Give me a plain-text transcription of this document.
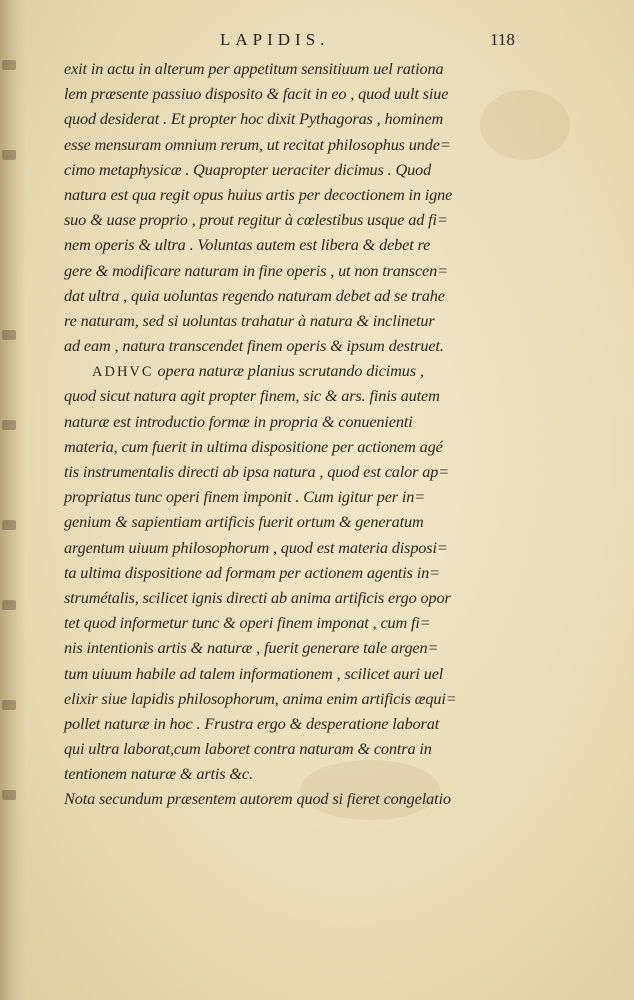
LAPIDIS.	118
exit in actu in alterum per appetitum sensitiuum uel rationa
lem præsente passiuo disposito & facit in eo , quod uult siue
quod desiderat . Et propter hoc dixit Pythagoras , hominem
esse mensuram omnium rerum, ut recitat philosophus unde=
cimo metaphysicæ . Quapropter ueraciter dicimus . Quod
natura est qua regit opus huius artis per decoctionem in igne
suo & uase proprio , prout regitur à cœlestibus usque ad fi=
nem operis & ultra . Voluntas autem est libera & debet re
gere & modificare naturam in fine operis , ut non transcen=
dat ultra , quia uoluntas regendo naturam debet ad se trahe
re naturam, sed si uoluntas trahatur à natura & inclinetur
ad eam , natura transcendet finem operis & ipsum destruet.
ADHVC opera naturæ planius scrutando dicimus ,
quod sicut natura agit propter finem, sic & ars. finis autem
naturæ est introductio formæ in propria & conuenienti
materia, cum fuerit in ultima dispositione per actionem agé
tis instrumentalis directi ab ipsa natura , quod est calor ap=
propriatus tunc operi finem imponit . Cum igitur per in=
genium & sapientiam artificis fuerit ortum & generatum
argentum uiuum philosophorum , quod est materia disposi=
ta ultima dispositione ad formam per actionem agentis in=
strumétalis, scilicet ignis directi ab anima artificis ergo opor
tet quod informetur tunc & operi finem imponat , cum fi=
nis intentionis artis & naturæ , fuerit generare tale argen=
tum uiuum habile ad talem informationem , scilicet auri uel
elixir siue lapidis philosophorum, anima enim artificis æqui=
pollet naturæ in hoc . Frustra ergo & desperatione laborat
qui ultra laborat,cum laboret contra naturam & contra in
tentionem naturæ & artis &c.
Nota secundum præsentem autorem quod si fieret congelatio
